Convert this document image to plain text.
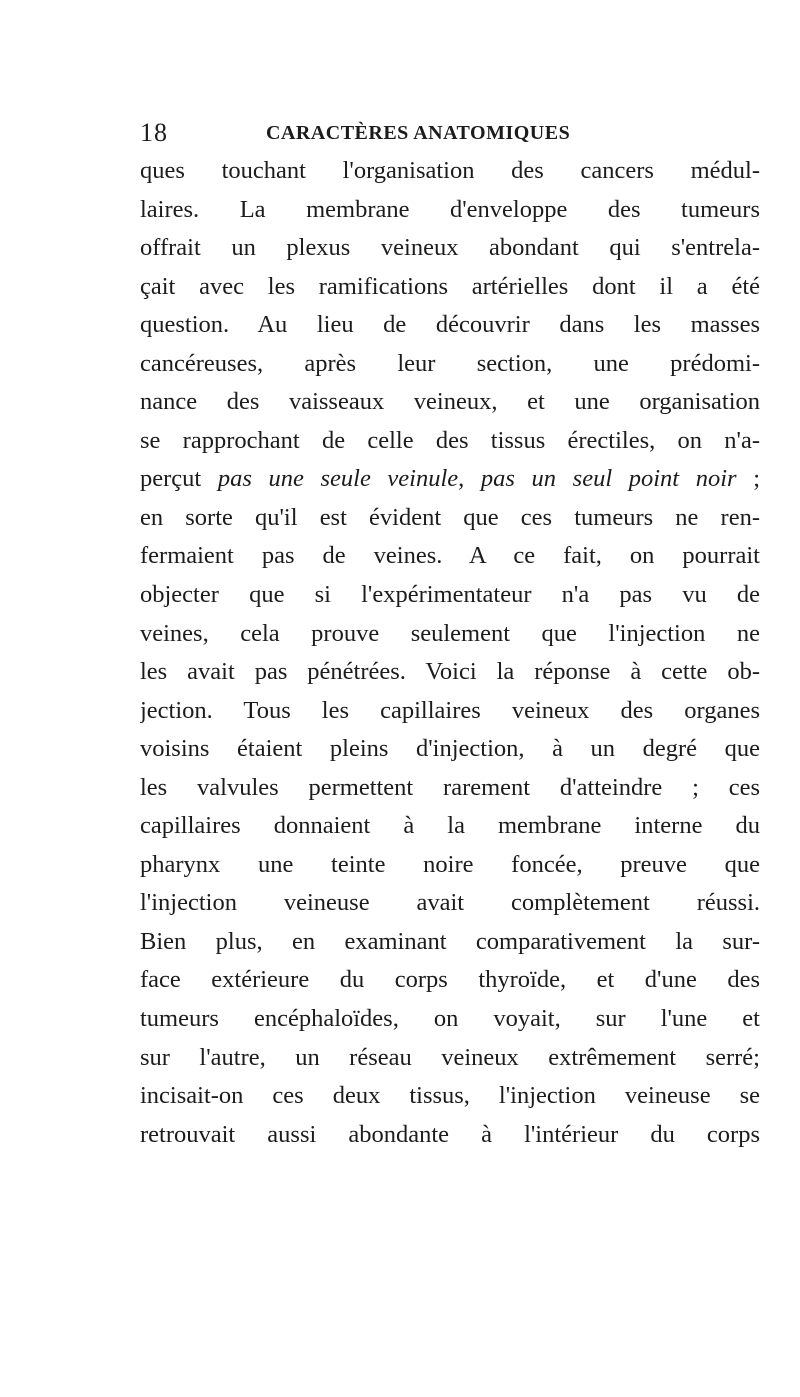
18	CARACTÈRES ANATOMIQUES
ques touchant l'organisation des cancers médul-
laires. La membrane d'enveloppe des tumeurs
offrait un plexus veineux abondant qui s'entrela-
çait avec les ramifications artérielles dont il a été
question. Au lieu de découvrir dans les masses
cancéreuses, après leur section, une prédomi-
nance des vaisseaux veineux, et une organisation
se rapprochant de celle des tissus érectiles, on n'a-
perçut pas une seule veinule, pas un seul point noir ;
en sorte qu'il est évident que ces tumeurs ne ren-
fermaient pas de veines. A ce fait, on pourrait
objecter que si l'expérimentateur n'a pas vu de
veines, cela prouve seulement que l'injection ne
les avait pas pénétrées. Voici la réponse à cette ob-
jection. Tous les capillaires veineux des organes
voisins étaient pleins d'injection, à un degré que
les valvules permettent rarement d'atteindre ; ces
capillaires donnaient à la membrane interne du
pharynx une teinte noire foncée, preuve que
l'injection veineuse avait complètement réussi.
Bien plus, en examinant comparativement la sur-
face extérieure du corps thyroïde, et d'une des
tumeurs encéphaloïdes, on voyait, sur l'une et
sur l'autre, un réseau veineux extrêmement serré;
incisait-on ces deux tissus, l'injection veineuse se
retrouvait aussi abondante à l'intérieur du corps
